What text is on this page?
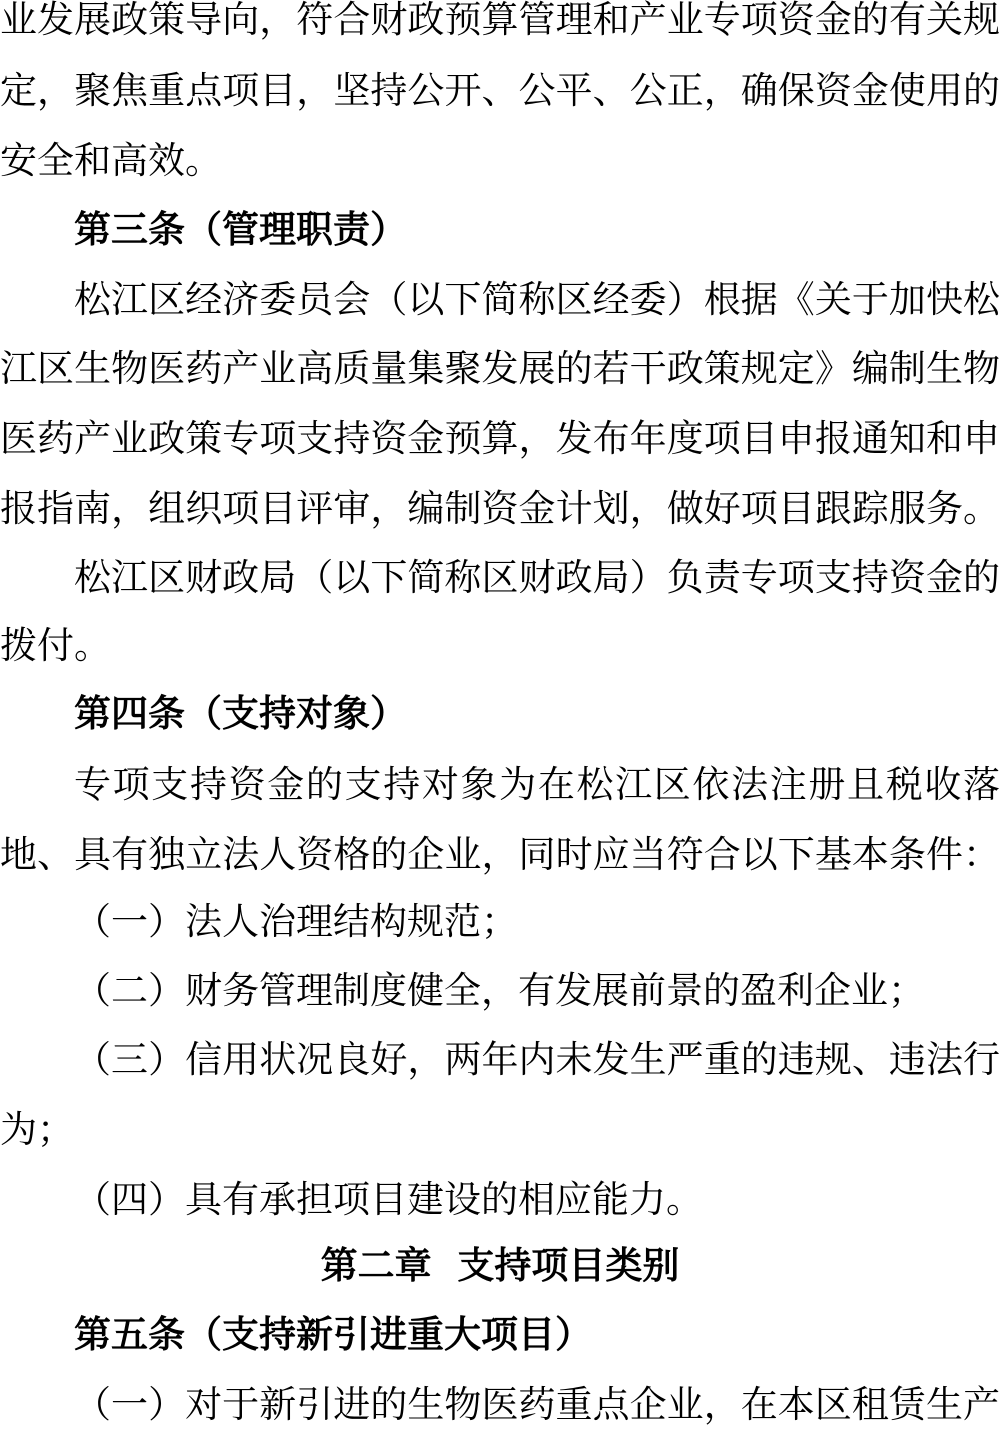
业发展政策导向，符合财政预算管理和产业专项资金的有关规
定，聚焦重点项目，坚持公开、公平、公正，确保资金使用的
安全和高效。
第三条（管理职责）
松江区经济委员会（以下简称区经委）根据《关于加快松
江区生物医药产业高质量集聚发展的若干政策规定》编制生物
医药产业政策专项支持资金预算，发布年度项目申报通知和申
报指南，组织项目评审，编制资金计划，做好项目跟踪服务。
松江区财政局（以下简称区财政局）负责专项支持资金的
拨付。
第四条（支持对象）
专项支持资金的支持对象为在松江区依法注册且税收落
地、具有独立法人资格的企业，同时应当符合以下基本条件：
（一）法人治理结构规范；
（二）财务管理制度健全，有发展前景的盈利企业；
（三）信用状况良好，两年内未发生严重的违规、违法行
为；
（四）具有承担项目建设的相应能力。
第二章  支持项目类别
第五条（支持新引进重大项目）
（一）对于新引进的生物医药重点企业，在本区租赁生产
